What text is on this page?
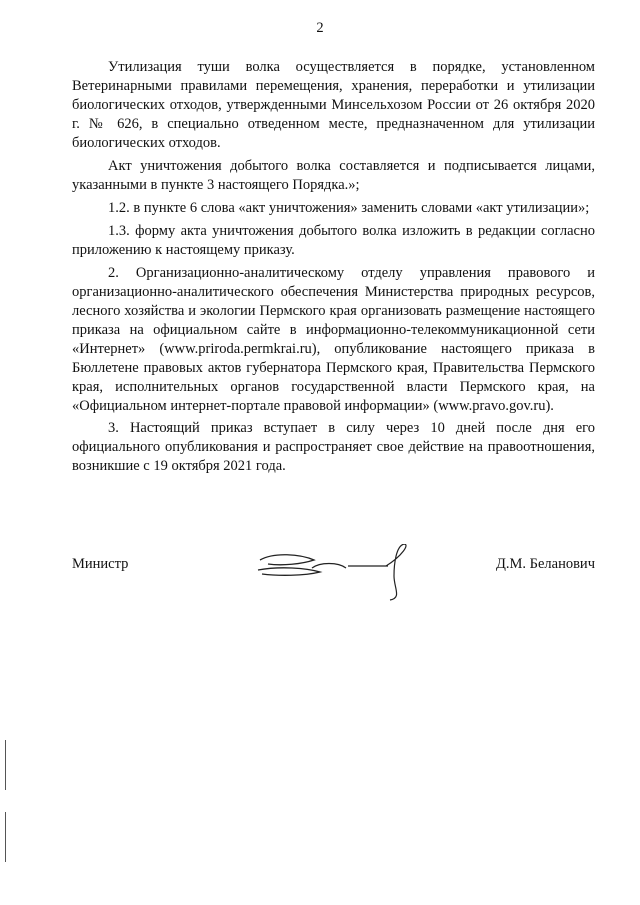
2

Утилизация туши волка осуществляется в порядке, установленном Ветеринарными правилами перемещения, хранения, переработки и утилизации биологических отходов, утвержденными Минсельхозом России от 26 октября 2020 г. № 626, в специально отведенном месте, предназначенном для утилизации биологических отходов.

Акт уничтожения добытого волка составляется и подписывается лицами, указанными в пункте 3 настоящего Порядка.»;

1.2. в пункте 6 слова «акт уничтожения» заменить словами «акт утилизации»;

1.3. форму акта уничтожения добытого волка изложить в редакции согласно приложению к настоящему приказу.

2. Организационно-аналитическому отделу управления правового и организационно-аналитического обеспечения Министерства природных ресурсов, лесного хозяйства и экологии Пермского края организовать размещение настоящего приказа на официальном сайте в информационно-телекоммуникационной сети «Интернет» (www.priroda.permkrai.ru), опубликование настоящего приказа в Бюллетене правовых актов губернатора Пермского края, Правительства Пермского края, исполнительных органов государственной власти Пермского края, на «Официальном интернет-портале правовой информации» (www.pravo.gov.ru).

3. Настоящий приказ вступает в силу через 10 дней после дня его официального опубликования и распространяет свое действие на правоотношения, возникшие с 19 октября 2021 года.

Министр	Д.М. Беланович
